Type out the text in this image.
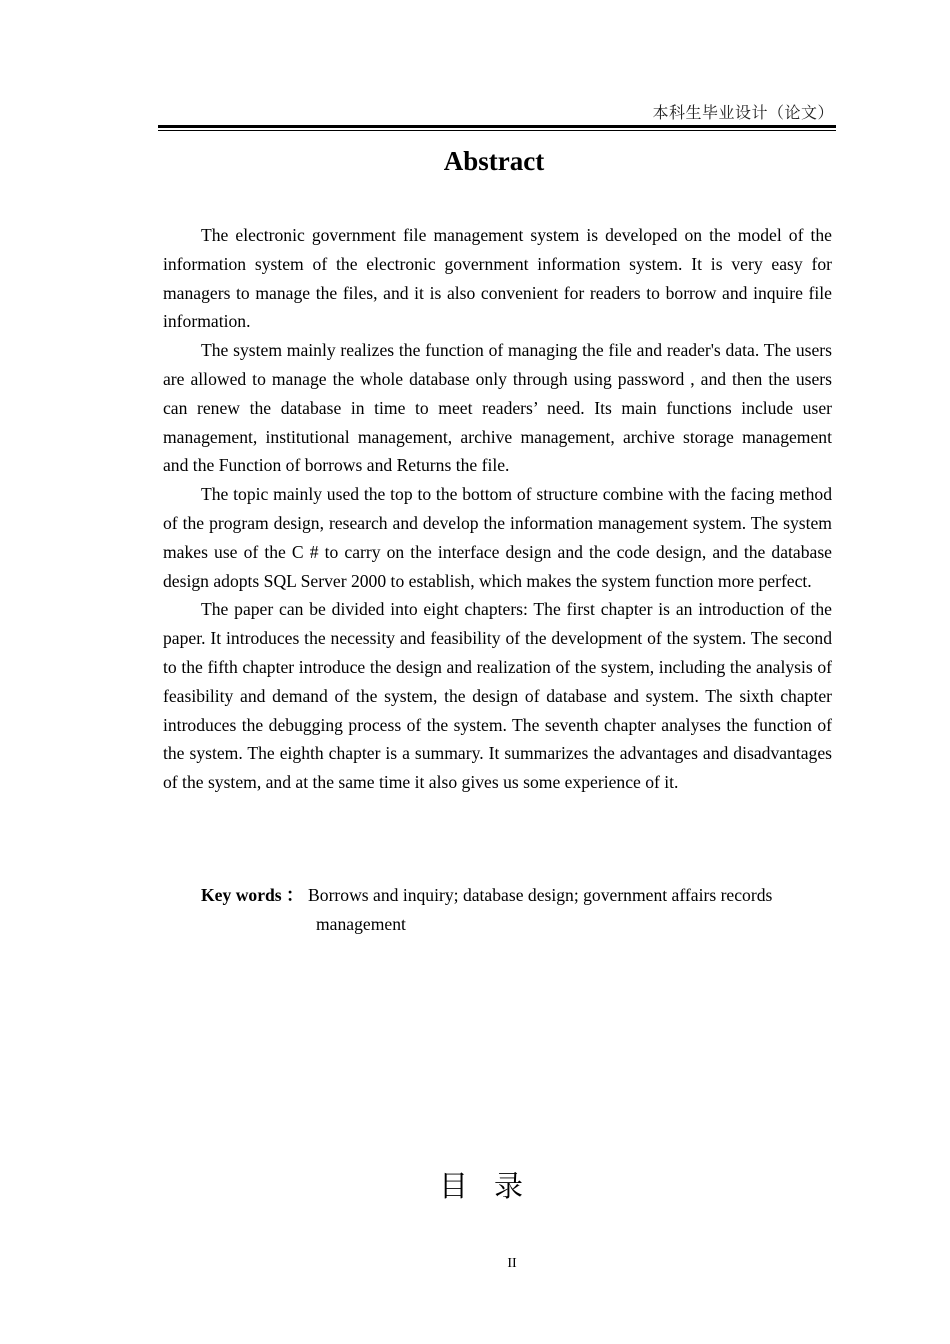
本科生毕业设计（论文）
Abstract

The electronic government file management system is developed on the model of the information system of the electronic government information system. It is very easy for managers to manage the files, and it is also convenient for readers to borrow and inquire file information.

The system mainly realizes the function of managing the file and reader's data. The users are allowed to manage the whole database only through using password , and then the users can renew the database in time to meet readers’ need. Its main functions include user management, institutional management, archive management, archive storage management and the Function of borrows and Returns the file.

The topic mainly used the top to the bottom of structure combine with the facing method of the program design, research and develop the information management system. The system makes use of the C # to carry on the interface design and the code design, and the database design adopts SQL Server 2000 to establish, which makes the system function more perfect.

The paper can be divided into eight chapters: The first chapter is an introduction of the paper. It introduces the necessity and feasibility of the development of the system. The second to the fifth chapter introduce the design and realization of the system, including the analysis of feasibility and demand of the system, the design of database and system. The sixth chapter introduces the debugging process of the system. The seventh chapter analyses the function of the system. The eighth chapter is a summary. It summarizes the advantages and disadvantages of the system, and at the same time it also gives us some experience of it.

Key words ：
Borrows and inquiry; database design; government affairs records
management
目录
II
